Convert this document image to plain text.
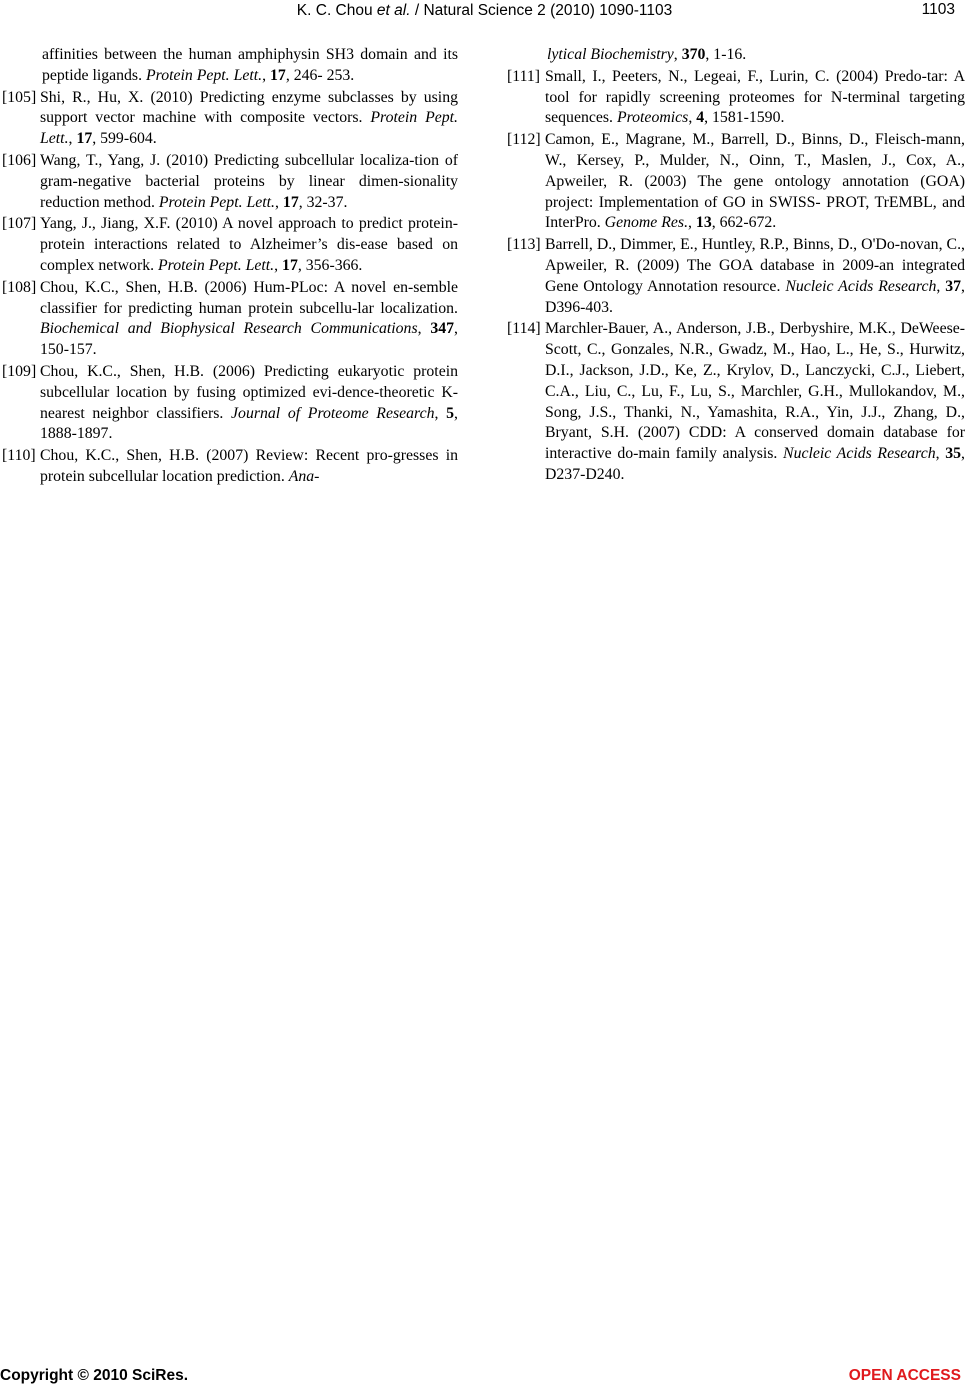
K. C. Chou et al. / Natural Science 2 (2010) 1090-1103	1103
affinities between the human amphiphysin SH3 domain and its peptide ligands. Protein Pept. Lett., 17, 246- 253.
[105] Shi, R., Hu, X. (2010) Predicting enzyme subclasses by using support vector machine with composite vectors. Protein Pept. Lett., 17, 599-604.
[106] Wang, T., Yang, J. (2010) Predicting subcellular localiza-tion of gram-negative bacterial proteins by linear dimen-sionality reduction method. Protein Pept. Lett., 17, 32-37.
[107] Yang, J., Jiang, X.F. (2010) A novel approach to predict protein-protein interactions related to Alzheimer’s dis-ease based on complex network. Protein Pept. Lett., 17, 356-366.
[108] Chou, K.C., Shen, H.B. (2006) Hum-PLoc: A novel en-semble classifier for predicting human protein subcellu-lar localization. Biochemical and Biophysical Research Communications, 347, 150-157.
[109] Chou, K.C., Shen, H.B. (2006) Predicting eukaryotic protein subcellular location by fusing optimized evi-dence-theoretic K-nearest neighbor classifiers. Journal of Proteome Research, 5, 1888-1897.
[110] Chou, K.C., Shen, H.B. (2007) Review: Recent pro-gresses in protein subcellular location prediction. Ana-
lytical Biochemistry, 370, 1-16.
[111] Small, I., Peeters, N., Legeai, F., Lurin, C. (2004) Predo-tar: A tool for rapidly screening proteomes for N-terminal targeting sequences. Proteomics, 4, 1581-1590.
[112] Camon, E., Magrane, M., Barrell, D., Binns, D., Fleisch-mann, W., Kersey, P., Mulder, N., Oinn, T., Maslen, J., Cox, A., Apweiler, R. (2003) The gene ontology annotation (GOA) project: Implementation of GO in SWISS- PROT, TrEMBL, and InterPro. Genome Res., 13, 662-672.
[113] Barrell, D., Dimmer, E., Huntley, R.P., Binns, D., O'Do-novan, C., Apweiler, R. (2009) The GOA database in 2009-an integrated Gene Ontology Annotation resource. Nucleic Acids Research, 37, D396-403.
[114] Marchler-Bauer, A., Anderson, J.B., Derbyshire, M.K., DeWeese-Scott, C., Gonzales, N.R., Gwadz, M., Hao, L., He, S., Hurwitz, D.I., Jackson, J.D., Ke, Z., Krylov, D., Lanczycki, C.J., Liebert, C.A., Liu, C., Lu, F., Lu, S., Marchler, G.H., Mullokandov, M., Song, J.S., Thanki, N., Yamashita, R.A., Yin, J.J., Zhang, D., Bryant, S.H. (2007) CDD: A conserved domain database for interactive do-main family analysis. Nucleic Acids Research, 35, D237-D240.
Copyright © 2010 SciRes.	OPEN ACCESS
